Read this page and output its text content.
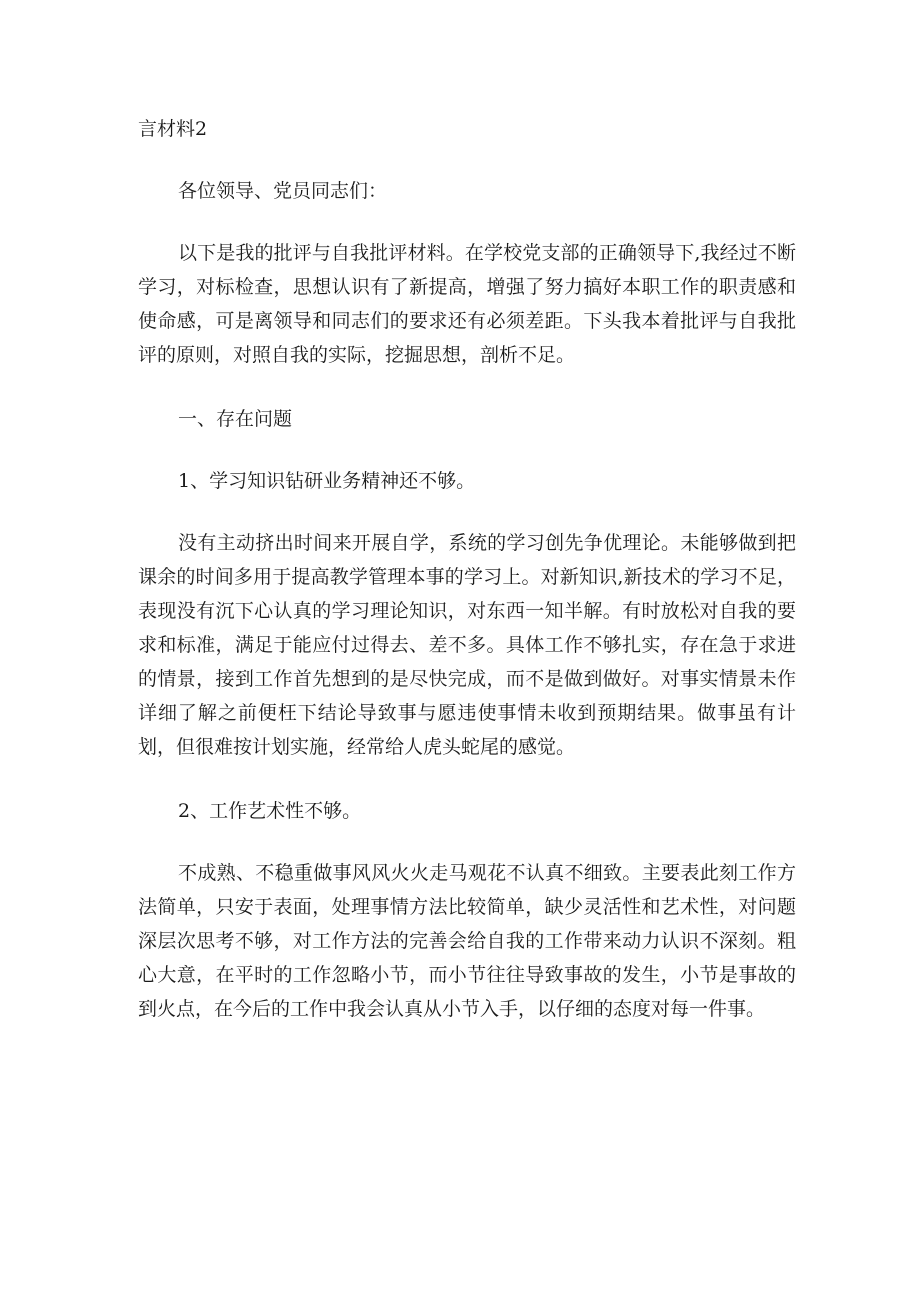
言材料2

各位领导、党员同志们：

以下是我的批评与自我批评材料。在学校党支部的正确领导下,我经过不断学习，对标检查，思想认识有了新提高，增强了努力搞好本职工作的职责感和使命感，可是离领导和同志们的要求还有必须差距。下头我本着批评与自我批评的原则，对照自我的实际，挖掘思想，剖析不足。

一、存在问题

1、学习知识钻研业务精神还不够。

没有主动挤出时间来开展自学，系统的学习创先争优理论。未能够做到把课余的时间多用于提高教学管理本事的学习上。对新知识,新技术的学习不足，表现没有沉下心认真的学习理论知识，对东西一知半解。有时放松对自我的要求和标准，满足于能应付过得去、差不多。具体工作不够扎实，存在急于求进的情景，接到工作首先想到的是尽快完成，而不是做到做好。对事实情景未作详细了解之前便枉下结论导致事与愿违使事情未收到预期结果。做事虽有计划，但很难按计划实施，经常给人虎头蛇尾的感觉。

2、工作艺术性不够。

不成熟、不稳重做事风风火火走马观花不认真不细致。主要表此刻工作方法简单，只安于表面，处理事情方法比较简单，缺少灵活性和艺术性，对问题深层次思考不够，对工作方法的完善会给自我的工作带来动力认识不深刻。粗心大意，在平时的工作忽略小节，而小节往往导致事故的发生，小节是事故的到火点，在今后的工作中我会认真从小节入手，以仔细的态度对每一件事。
